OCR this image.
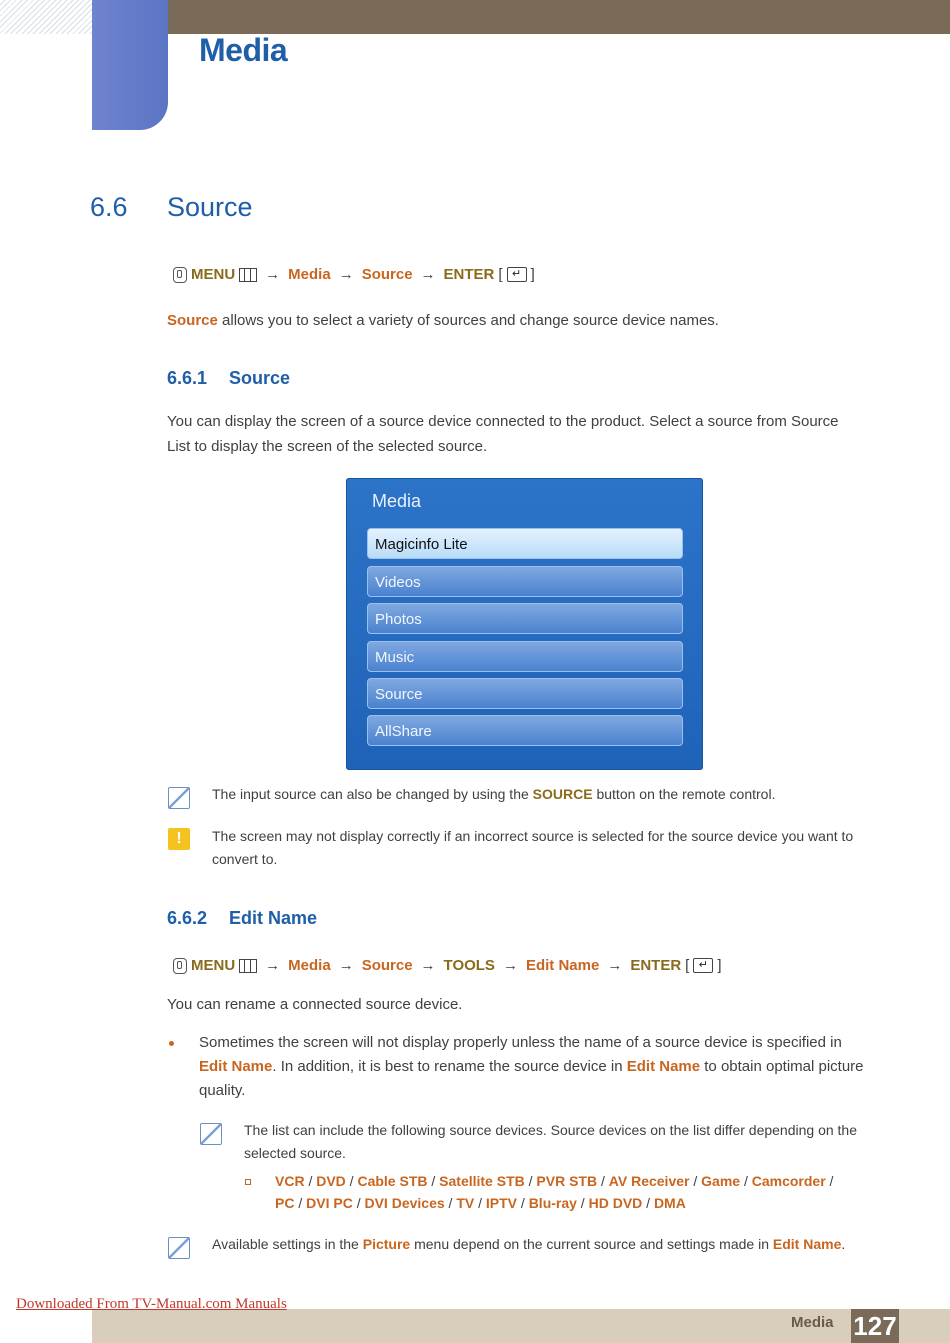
Media
6.6 Source
MENU → Media → Source → ENTER [ ↵ ]
Source allows you to select a variety of sources and change source device names.
6.6.1 Source
You can display the screen of a source device connected to the product. Select a source from Source
List to display the screen of the selected source.
Media
Magicinfo Lite
Videos
Photos
Music
Source
AllShare
The input source can also be changed by using the SOURCE button on the remote control.
!	The screen may not display correctly if an incorrect source is selected for the source device you want to
convert to.
6.6.2 Edit Name
MENU → Media → Source → TOOLS → Edit Name → ENTER [ ↵ ]
You can rename a connected source device.
Sometimes the screen will not display properly unless the name of a source device is specified in
Edit Name. In addition, it is best to rename the source device in Edit Name to obtain optimal picture
quality.
The list can include the following source devices. Source devices on the list differ depending on the
selected source.
VCR / DVD / Cable STB / Satellite STB / PVR STB / AV Receiver / Game / Camcorder /
PC / DVI PC / DVI Devices / TV / IPTV / Blu-ray / HD DVD / DMA
Available settings in the Picture menu depend on the current source and settings made in Edit Name.
Media 127
Downloaded From TV-Manual.com Manuals
